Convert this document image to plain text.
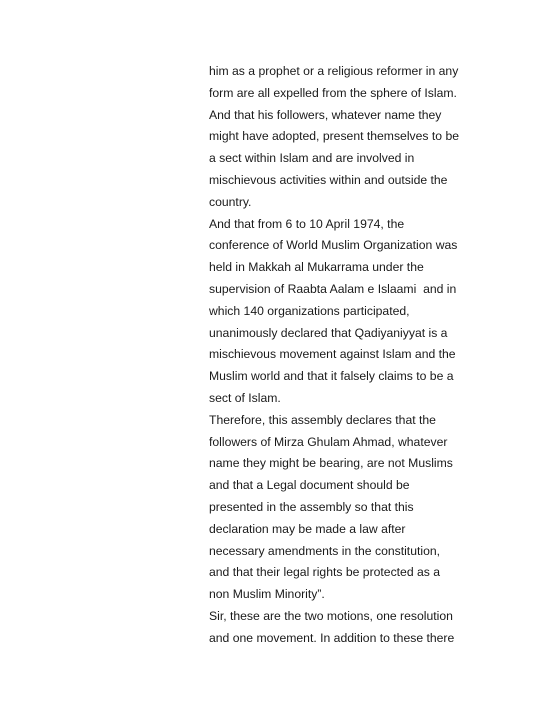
him as a prophet or a religious reformer in any
form are all expelled from the sphere of Islam.
And that his followers, whatever name they
might have adopted, present themselves to be
a sect within Islam and are involved in
mischievous activities within and outside the
country.
And that from 6 to 10 April 1974, the
conference of World Muslim Organization was
held in Makkah al Mukarrama under the
supervision of Raabta Aalam e Islaami  and in
which 140 organizations participated,
unanimously declared that Qadiyaniyyat is a
mischievous movement against Islam and the
Muslim world and that it falsely claims to be a
sect of Islam.
Therefore, this assembly declares that the
followers of Mirza Ghulam Ahmad, whatever
name they might be bearing, are not Muslims
and that a Legal document should be
presented in the assembly so that this
declaration may be made a law after
necessary amendments in the constitution,
and that their legal rights be protected as a
non Muslim Minority”.
Sir, these are the two motions, one resolution
and one movement. In addition to these there
